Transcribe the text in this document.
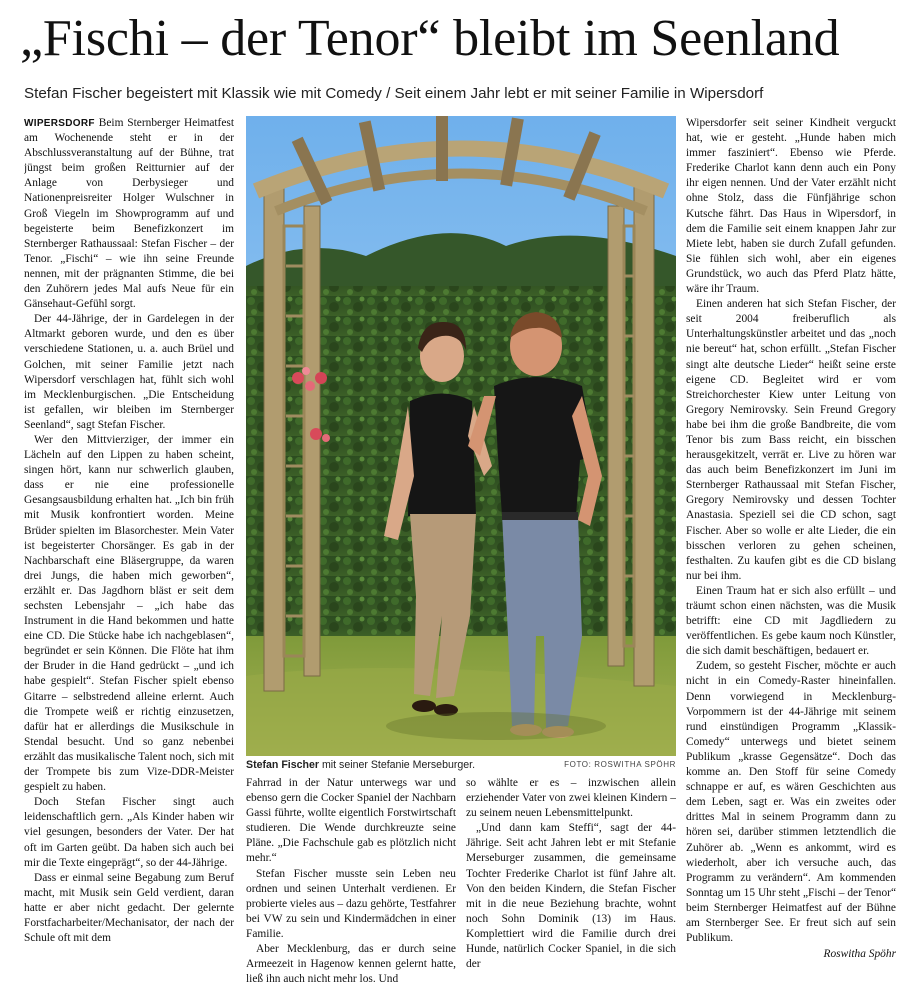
„Fischi – der Tenor“ bleibt im Seenland
Stefan Fischer begeistert mit Klassik wie mit Comedy / Seit einem Jahr lebt er mit seiner Familie in Wipersdorf

WIPERSDORF Beim Sternberger Heimatfest am Wochenende steht er in der Abschlussveranstaltung auf der Bühne, trat jüngst beim großen Reitturnier auf der Anlage von Derbysieger und Nationenpreisreiter Holger Wulschner in Groß Viegeln im Showprogramm auf und begeisterte beim Benefizkonzert im Sternberger Rathaussaal: Stefan Fischer – der Tenor. „Fischi“ – wie ihn seine Freunde nennen, mit der prägnanten Stimme, die bei den Zuhörern jedes Mal aufs Neue für ein Gänsehaut-Gefühl sorgt.

Der 44-Jährige, der in Gardelegen in der Altmarkt geboren wurde, und den es über verschiedene Stationen, u. a. auch Brüel und Golchen, mit seiner Familie jetzt nach Wipersdorf verschlagen hat, fühlt sich wohl im Mecklenburgischen. „Die Entscheidung ist gefallen, wir bleiben im Sternberger Seenland“, sagt Stefan Fischer.

Wer den Mittvierziger, der immer ein Lächeln auf den Lippen zu haben scheint, singen hört, kann nur schwerlich glauben, dass er nie eine professionelle Gesangsausbildung erhalten hat. „Ich bin früh mit Musik konfrontiert worden. Meine Brüder spielten im Blasorchester. Mein Vater ist begeisterter Chorsänger. Es gab in der Nachbarschaft eine Bläsergruppe, da waren drei Jungs, die haben mich geworben“, erzählt er. Das Jagdhorn bläst er seit dem sechsten Lebensjahr – „ich habe das Instrument in die Hand bekommen und hatte eine CD. Die Stücke habe ich nachgeblasen“, begründet er sein Können. Die Flöte hat ihm der Bruder in die Hand gedrückt – „und ich habe gespielt“. Stefan Fischer spielt ebenso Gitarre – selbstredend alleine erlernt. Auch die Trompete weiß er richtig einzusetzen, dafür hat er allerdings die Musikschule in Stendal besucht. Und so ganz nebenbei erzählt das musikalische Talent noch, sich mit der Trompete bis zum Vize-DDR-Meister gespielt zu haben.

Doch Stefan Fischer singt auch leidenschaftlich gern. „Als Kinder haben wir viel gesungen, besonders der Vater. Der hat oft im Garten geübt. Da haben sich auch bei mir die Texte eingeprägt“, so der 44-Jährige.

Dass er einmal seine Begabung zum Beruf macht, mit Musik sein Geld verdient, daran hatte er aber nicht gedacht. Der gelernte Forstfacharbeiter/Mechanisator, der nach der Schule oft mit dem

Stefan Fischer mit seiner Stefanie Merseburger.	FOTO: ROSWITHA SPÖHR

Fahrrad in der Natur unterwegs war und ebenso gern die Cocker Spaniel der Nachbarn Gassi führte, wollte eigentlich Forstwirtschaft studieren. Die Wende durchkreuzte seine Pläne. „Die Fachschule gab es plötzlich nicht mehr.“

Stefan Fischer musste sein Leben neu ordnen und seinen Unterhalt verdienen. Er probierte vieles aus – dazu gehörte, Testfahrer bei VW zu sein und Kindermädchen in einer Familie.

Aber Mecklenburg, das er durch seine Armeezeit in Hagenow kennen gelernt hatte, ließ ihn auch nicht mehr los. Und

so wählte er es – inzwischen allein erziehender Vater von zwei kleinen Kindern – zu seinem neuen Lebensmittelpunkt.

„Und dann kam Steffi“, sagt der 44-Jährige. Seit acht Jahren lebt er mit Stefanie Merseburger zusammen, die gemeinsame Tochter Frederike Charlot ist fünf Jahre alt. Von den beiden Kindern, die Stefan Fischer mit in die neue Beziehung brachte, wohnt noch Sohn Dominik (13) im Haus. Komplettiert wird die Familie durch drei Hunde, natürlich Cocker Spaniel, in die sich der

Wipersdorfer seit seiner Kindheit verguckt hat, wie er gesteht. „Hunde haben mich immer fasziniert“. Ebenso wie Pferde. Frederike Charlot kann denn auch ein Pony ihr eigen nennen. Und der Vater erzählt nicht ohne Stolz, dass die Fünfjährige schon Kutsche fährt. Das Haus in Wipersdorf, in dem die Familie seit einem knappen Jahr zur Miete lebt, haben sie durch Zufall gefunden. Sie fühlen sich wohl, aber ein eigenes Grundstück, wo auch das Pferd Platz hätte, wäre ihr Traum.

Einen anderen hat sich Stefan Fischer, der seit 2004 freiberuflich als Unterhaltungskünstler arbeitet und das „noch nie bereut“ hat, schon erfüllt. „Stefan Fischer singt alte deutsche Lieder“ heißt seine erste eigene CD. Begleitet wird er vom Streichorchester Kiew unter Leitung von Gregory Nemirovsky. Sein Freund Gregory habe bei ihm die große Bandbreite, die vom Tenor bis zum Bass reicht, ein bisschen herausgekitzelt, verrät er. Live zu hören war das auch beim Benefizkonzert im Juni im Sternberger Rathaussaal mit Stefan Fischer, Gregory Nemirovsky und dessen Tochter Anastasia. Speziell sei die CD schon, sagt Fischer. Aber so wolle er alte Lieder, die ein bisschen verloren zu gehen scheinen, festhalten. Zu kaufen gibt es die CD bislang nur bei ihm.

Einen Traum hat er sich also erfüllt – und träumt schon einen nächsten, was die Musik betrifft: eine CD mit Jagdliedern zu veröffentlichen. Es gebe kaum noch Künstler, die sich damit beschäftigen, bedauert er.

Zudem, so gesteht Fischer, möchte er auch nicht in ein Comedy-Raster hineinfallen. Denn vorwiegend in Mecklenburg-Vorpommern ist der 44-Jährige mit seinem rund einstündigen Programm „Klassik-Comedy“ unterwegs und bietet seinem Publikum „krasse Gegensätze“. Doch das komme an. Den Stoff für seine Comedy schnappe er auf, es wären Geschichten aus dem Leben, sagt er. Was ein zweites oder drittes Mal in seinem Programm dann zu hören sei, darüber stimmen letztendlich die Zuhörer ab. „Wenn es ankommt, wird es wiederholt, aber ich versuche auch, das Programm zu verändern“. Am kommenden Sonntag um 15 Uhr steht „Fischi – der Tenor“ beim Sternberger Heimatfest auf der Bühne am Sternberger See. Er freut sich auf sein Publikum.

Roswitha Spöhr
